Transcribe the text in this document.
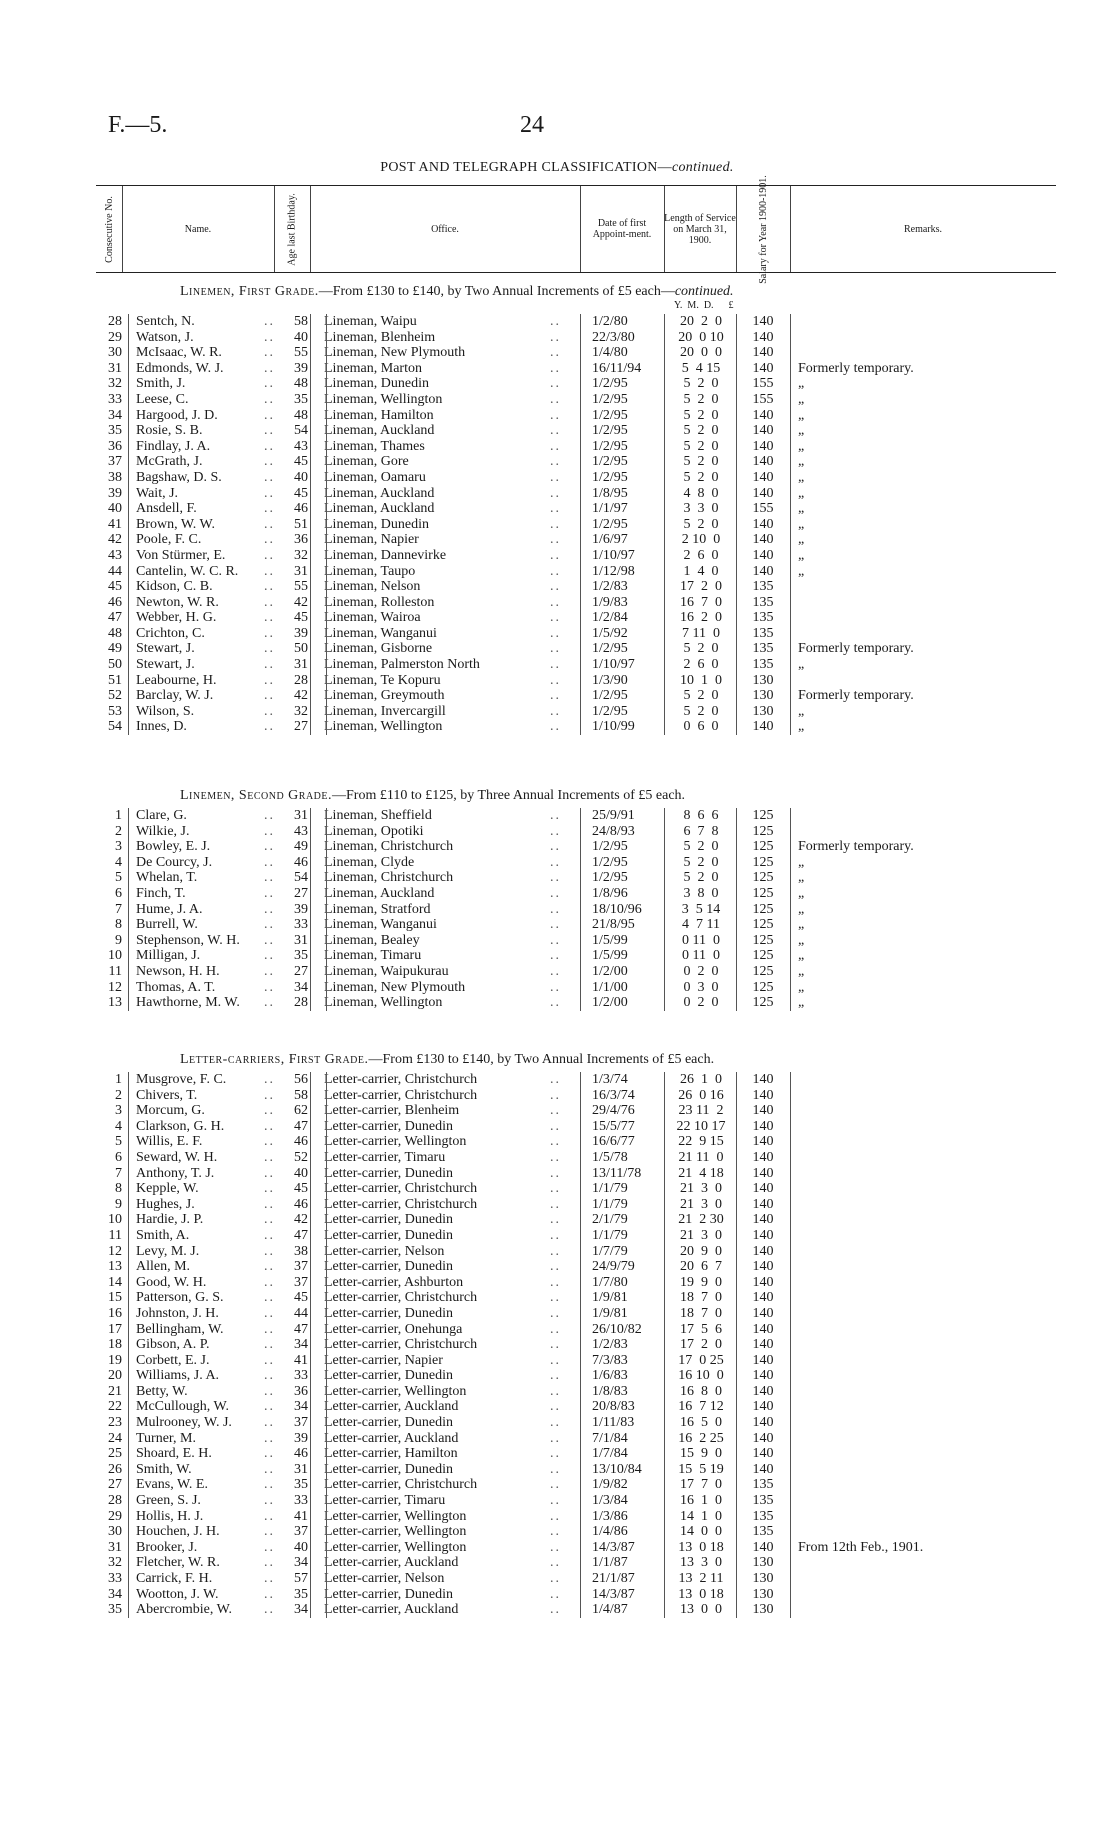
F.—5.	24
POST AND TELEGRAPH CLASSIFICATION—continued.
Consecutive No.	Name.	Age last Birthday.	Office.	Date of first Appoint-ment.
Length of Service on March 31, 1900.	Salary for Year 1900-1901.	Remarks.
Linemen, First Grade.—From £130 to £140, by Two Annual Increments of £5 each—continued.
Y.  M.  D.      £
28 Sentch, N.	..	58 Lineman, Waipu	.. 1/2/80	20  2  0	140
29 Watson, J.	..	40 Lineman, Blenheim	.. 22/3/80	20  0 10	140
30 McIsaac, W. R.	..	55 Lineman, New Plymouth	.. 1/4/80	20  0  0	140
31 Edmonds, W. J.	..	39 Lineman, Marton	.. 16/11/94	5  4 15	140	Formerly temporary.
32 Smith, J.	..	48 Lineman, Dunedin	.. 1/2/95	5  2  0	155	„
33 Leese, C.	..	35 Lineman, Wellington	.. 1/2/95	5  2  0	155	„
34 Hargood, J. D.	..	48 Lineman, Hamilton	.. 1/2/95	5  2  0	140	„
35 Rosie, S. B.	..	54 Lineman, Auckland	.. 1/2/95	5  2  0	140	„
36 Findlay, J. A.	..	43 Lineman, Thames	.. 1/2/95	5  2  0	140	„
37 McGrath, J.	..	45 Lineman, Gore	.. 1/2/95	5  2  0	140	„
38 Bagshaw, D. S.	..	40 Lineman, Oamaru	.. 1/2/95	5  2  0	140	„
39 Wait, J.	..	45 Lineman, Auckland	.. 1/8/95	4  8  0	140	„
40 Ansdell, F.	..	46 Lineman, Auckland	.. 1/1/97	3  3  0	155	„
41 Brown, W. W.	..	51 Lineman, Dunedin	.. 1/2/95	5  2  0	140	„
42 Poole, F. C.	..	36 Lineman, Napier	.. 1/6/97	2 10  0	140	„
43 Von Stürmer, E.	..	32 Lineman, Dannevirke	.. 1/10/97	2  6  0	140	„
44 Cantelin, W. C. R. ..	31 Lineman, Taupo	.. 1/12/98	1  4  0	140	„
45 Kidson, C. B.	..	55 Lineman, Nelson	.. 1/2/83	17  2  0	135
46 Newton, W. R.	..	42 Lineman, Rolleston	.. 1/9/83	16  7  0	135
47 Webber, H. G.	..	45 Lineman, Wairoa	.. 1/2/84	16  2  0	135
48 Crichton, C.	..	39 Lineman, Wanganui	.. 1/5/92	7 11  0	135
49 Stewart, J.	..	50 Lineman, Gisborne	.. 1/2/95	5  2  0	135	Formerly temporary.
50 Stewart, J.	..	31 Lineman, Palmerston North	.. 1/10/97	2  6  0	135	„
51 Leabourne, H.	..	28 Lineman, Te Kopuru	.. 1/3/90	10  1  0	130
52 Barclay, W. J.	..	42 Lineman, Greymouth	.. 1/2/95	5  2  0	130	Formerly temporary.
53 Wilson, S.	..	32 Lineman, Invercargill	.. 1/2/95	5  2  0	130	„
54 Innes, D.	..	27 Lineman, Wellington	.. 1/10/99	0  6  0	140	„
Linemen, Second Grade.—From £110 to £125, by Three Annual Increments of £5 each.
1 Clare, G.	..	31 Lineman, Sheffield	.. 25/9/91	8  6  6	125
2 Wilkie, J.	..	43 Lineman, Opotiki	.. 24/8/93	6  7  8	125
3 Bowley, E. J.	..	49 Lineman, Christchurch	.. 1/2/95	5  2  0	125	Formerly temporary.
4 De Courcy, J.	..	46 Lineman, Clyde	.. 1/2/95	5  2  0	125	„
5 Whelan, T.	..	54 Lineman, Christchurch	.. 1/2/95	5  2  0	125	„
6 Finch, T.	..	27 Lineman, Auckland	.. 1/8/96	3  8  0	125	„
7 Hume, J. A.	..	39 Lineman, Stratford	.. 18/10/96	3  5 14	125	„
8 Burrell, W.	..	33 Lineman, Wanganui	.. 21/8/95	4  7 11	125	„
9 Stephenson, W. H. ..	31 Lineman, Bealey	.. 1/5/99	0 11  0	125	„
10 Milligan, J.	..	35 Lineman, Timaru	.. 1/5/99	0 11  0	125	„
11 Newson, H. H.	..	27 Lineman, Waipukurau	.. 1/2/00	0  2  0	125	„
12 Thomas, A. T.	..	34 Lineman, New Plymouth	.. 1/1/00	0  3  0	125	„
13 Hawthorne, M. W. ..	28 Lineman, Wellington	.. 1/2/00	0  2  0	125	„
Letter-carriers, First Grade.—From £130 to £140, by Two Annual Increments of £5 each.
1 Musgrove, F. C.	..	56 Letter-carrier, Christchurch	.. 1/3/74	26  1  0	140
2 Chivers, T.	..	58 Letter-carrier, Christchurch	.. 16/3/74	26  0 16	140
3 Morcum, G.	..	62 Letter-carrier, Blenheim	.. 29/4/76	23 11  2	140
4 Clarkson, G. H.	..	47 Letter-carrier, Dunedin	.. 15/5/77	22 10 17	140
5 Willis, E. F.	..	46 Letter-carrier, Wellington	.. 16/6/77	22  9 15	140
6 Seward, W. H.	..	52 Letter-carrier, Timaru	.. 1/5/78	21 11  0	140
7 Anthony, T. J.	..	40 Letter-carrier, Dunedin	.. 13/11/78	21  4 18	140
8 Kepple, W.	..	45 Letter-carrier, Christchurch	.. 1/1/79	21  3  0	140
9 Hughes, J.	..	46 Letter-carrier, Christchurch	.. 1/1/79	21  3  0	140
10 Hardie, J. P.	..	42 Letter-carrier, Dunedin	.. 2/1/79	21  2 30	140
11 Smith, A.	..	47 Letter-carrier, Dunedin	.. 1/1/79	21  3  0	140
12 Levy, M. J.	..	38 Letter-carrier, Nelson	.. 1/7/79	20  9  0	140
13 Allen, M.	..	37 Letter-carrier, Dunedin	.. 24/9/79	20  6  7	140
14 Good, W. H.	..	37 Letter-carrier, Ashburton	.. 1/7/80	19  9  0	140
15 Patterson, G. S.	..	45 Letter-carrier, Christchurch	.. 1/9/81	18  7  0	140
16 Johnston, J. H.	..	44 Letter-carrier, Dunedin	.. 1/9/81	18  7  0	140
17 Bellingham, W.	..	47 Letter-carrier, Onehunga	.. 26/10/82	17  5  6	140
18 Gibson, A. P.	..	34 Letter-carrier, Christchurch	.. 1/2/83	17  2  0	140
19 Corbett, E. J.	..	41 Letter-carrier, Napier	.. 7/3/83	17  0 25	140
20 Williams, J. A.	..	33 Letter-carrier, Dunedin	.. 1/6/83	16 10  0	140
21 Betty, W.	..	36 Letter-carrier, Wellington	.. 1/8/83	16  8  0	140
22 McCullough, W.	..	34 Letter-carrier, Auckland	.. 20/8/83	16  7 12	140
23 Mulrooney, W. J. ..	37 Letter-carrier, Dunedin	.. 1/11/83	16  5  0	140
24 Turner, M.	..	39 Letter-carrier, Auckland	.. 7/1/84	16  2 25	140
25 Shoard, E. H.	..	46 Letter-carrier, Hamilton	.. 1/7/84	15  9  0	140
26 Smith, W.	..	31 Letter-carrier, Dunedin	.. 13/10/84	15  5 19	140
27 Evans, W. E.	..	35 Letter-carrier, Christchurch	.. 1/9/82	17  7  0	135
28 Green, S. J.	..	33 Letter-carrier, Timaru	.. 1/3/84	16  1  0	135
29 Hollis, H. J.	..	41 Letter-carrier, Wellington	.. 1/3/86	14  1  0	135
30 Houchen, J. H.	..	37 Letter-carrier, Wellington	.. 1/4/86	14  0  0	135
31 Brooker, J.	..	40 Letter-carrier, Wellington	.. 14/3/87	13  0 18	140	From 12th Feb., 1901.
32 Fletcher, W. R.	..	34 Letter-carrier, Auckland	.. 1/1/87	13  3  0	130
33 Carrick, F. H.	..	57 Letter-carrier, Nelson	.. 21/1/87	13  2 11	130
34 Wootton, J. W.	..	35 Letter-carrier, Dunedin	.. 14/3/87	13  0 18	130
35 Abercrombie, W. ..	34 Letter-carrier, Auckland	.. 1/4/87	13  0  0	130
